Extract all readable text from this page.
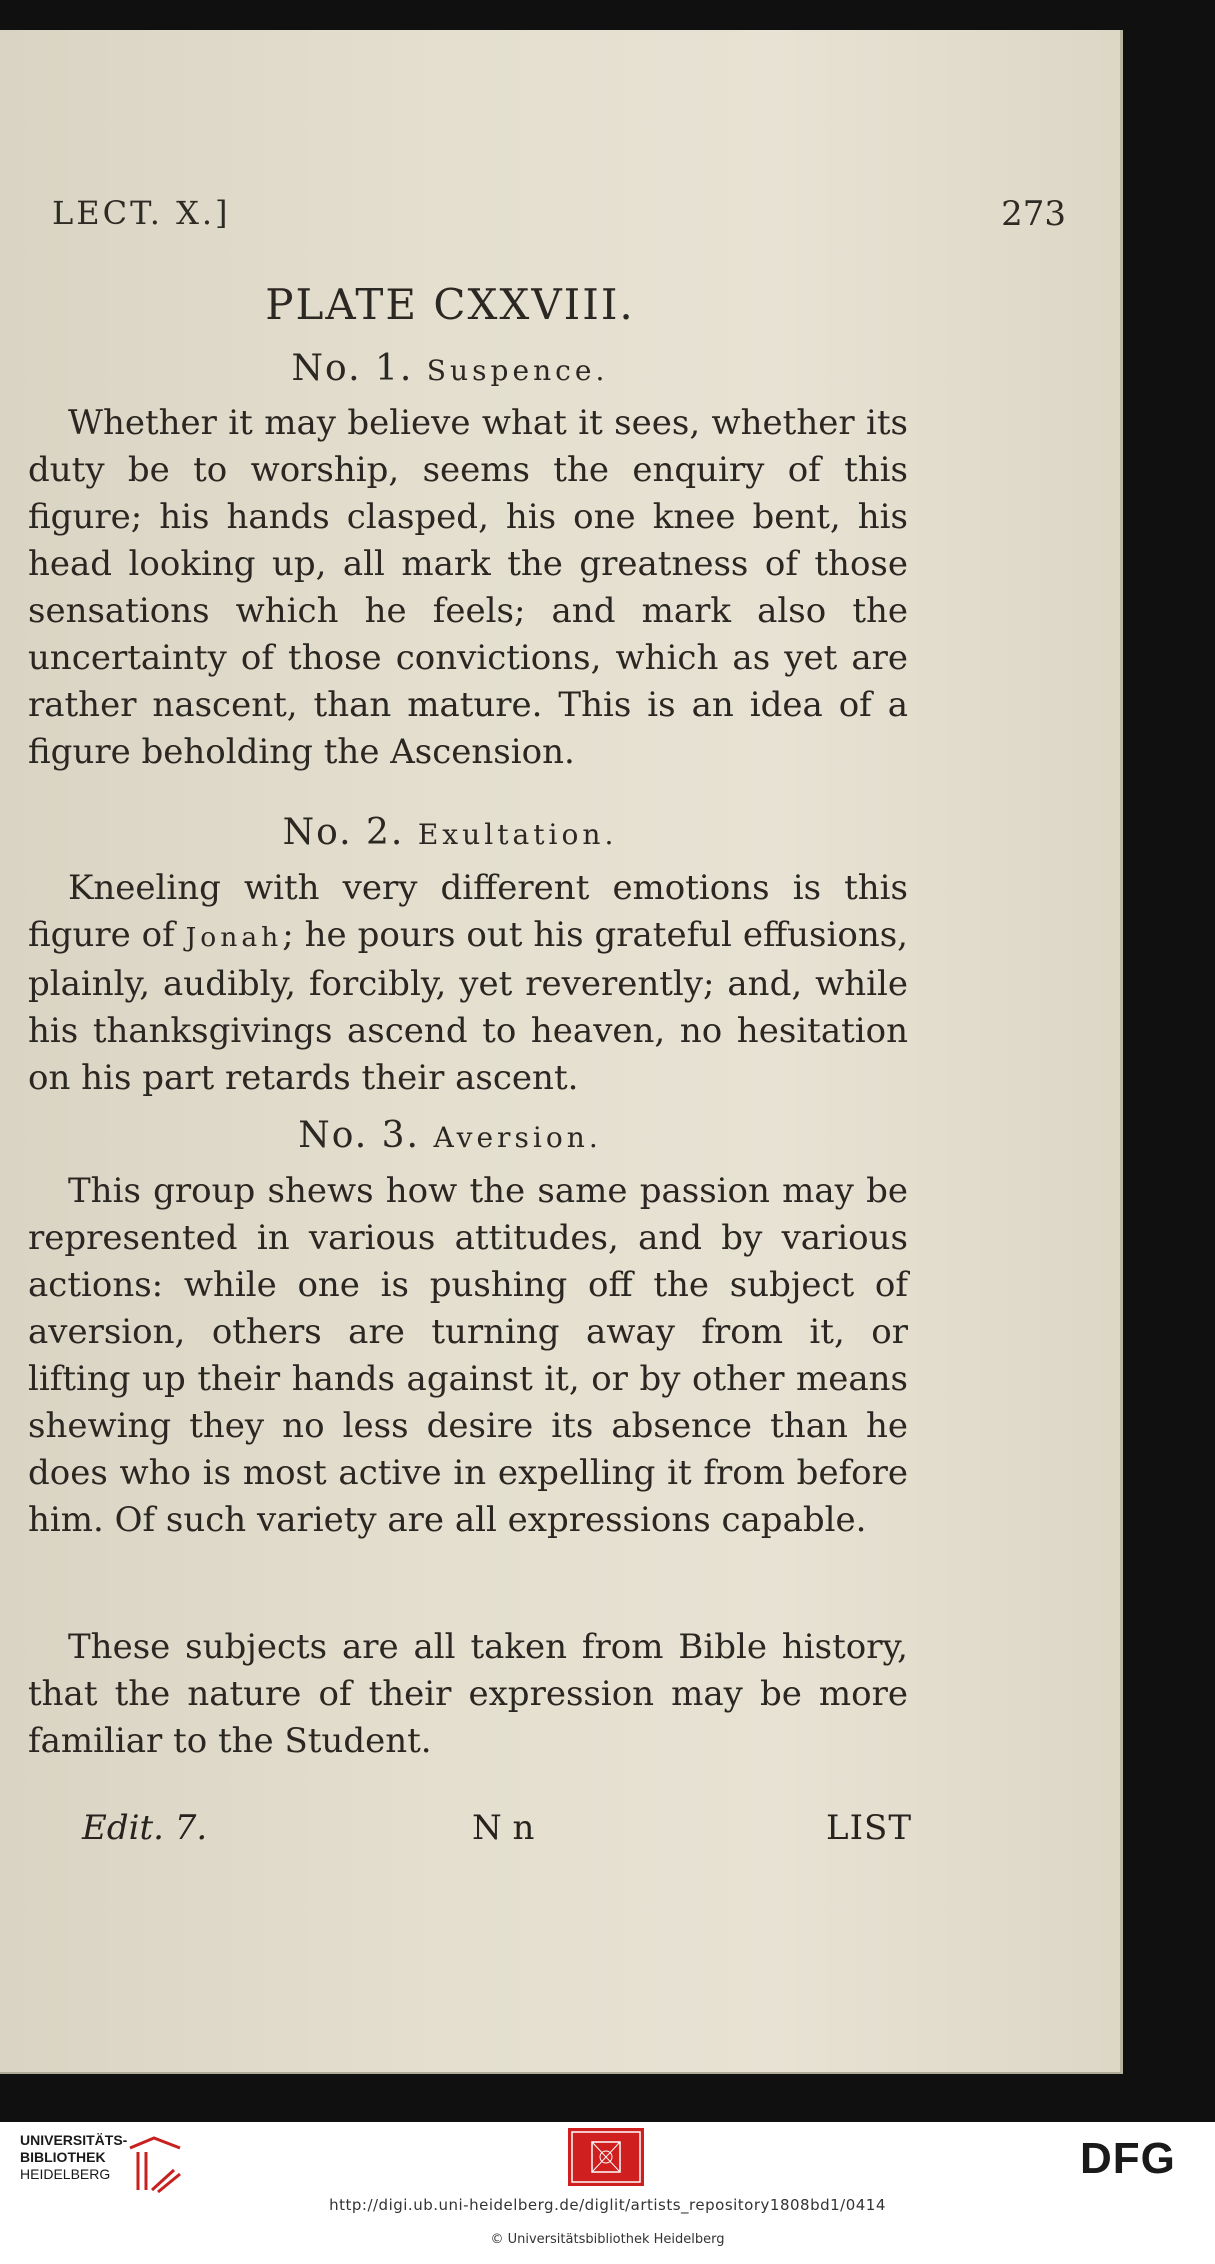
LECT. X.]	273
PLATE CXXVIII.
No. 1. Suspence.
Whether it may believe what it sees, whether its duty be to worship, seems the enquiry of this figure; his hands clasped, his one knee bent, his head looking up, all mark the greatness of those sensations which he feels; and mark also the uncertainty of those convictions, which as yet are rather nascent, than mature. This is an idea of a figure beholding the Ascension.
No. 2. Exultation.
Kneeling with very different emotions is this figure of Jonah; he pours out his grateful effusions, plainly, audibly, forcibly, yet reverently; and, while his thanksgivings ascend to heaven, no hesitation on his part retards their ascent.
No. 3. Aversion.
This group shews how the same passion may be represented in various attitudes, and by various actions: while one is pushing off the subject of aversion, others are turning away from it, or lifting up their hands against it, or by other means shewing they no less desire its absence than he does who is most active in expelling it from before him. Of such variety are all expressions capable.
These subjects are all taken from Bible history, that the nature of their expression may be more familiar to the Student.
Edit. 7.	N n	LIST
UNIVERSITÄTS-
BIBLIOTHEK
HEIDELBERG	DFG
http://digi.ub.uni-heidelberg.de/diglit/artists_repository1808bd1/0414
© Universitätsbibliothek Heidelberg
